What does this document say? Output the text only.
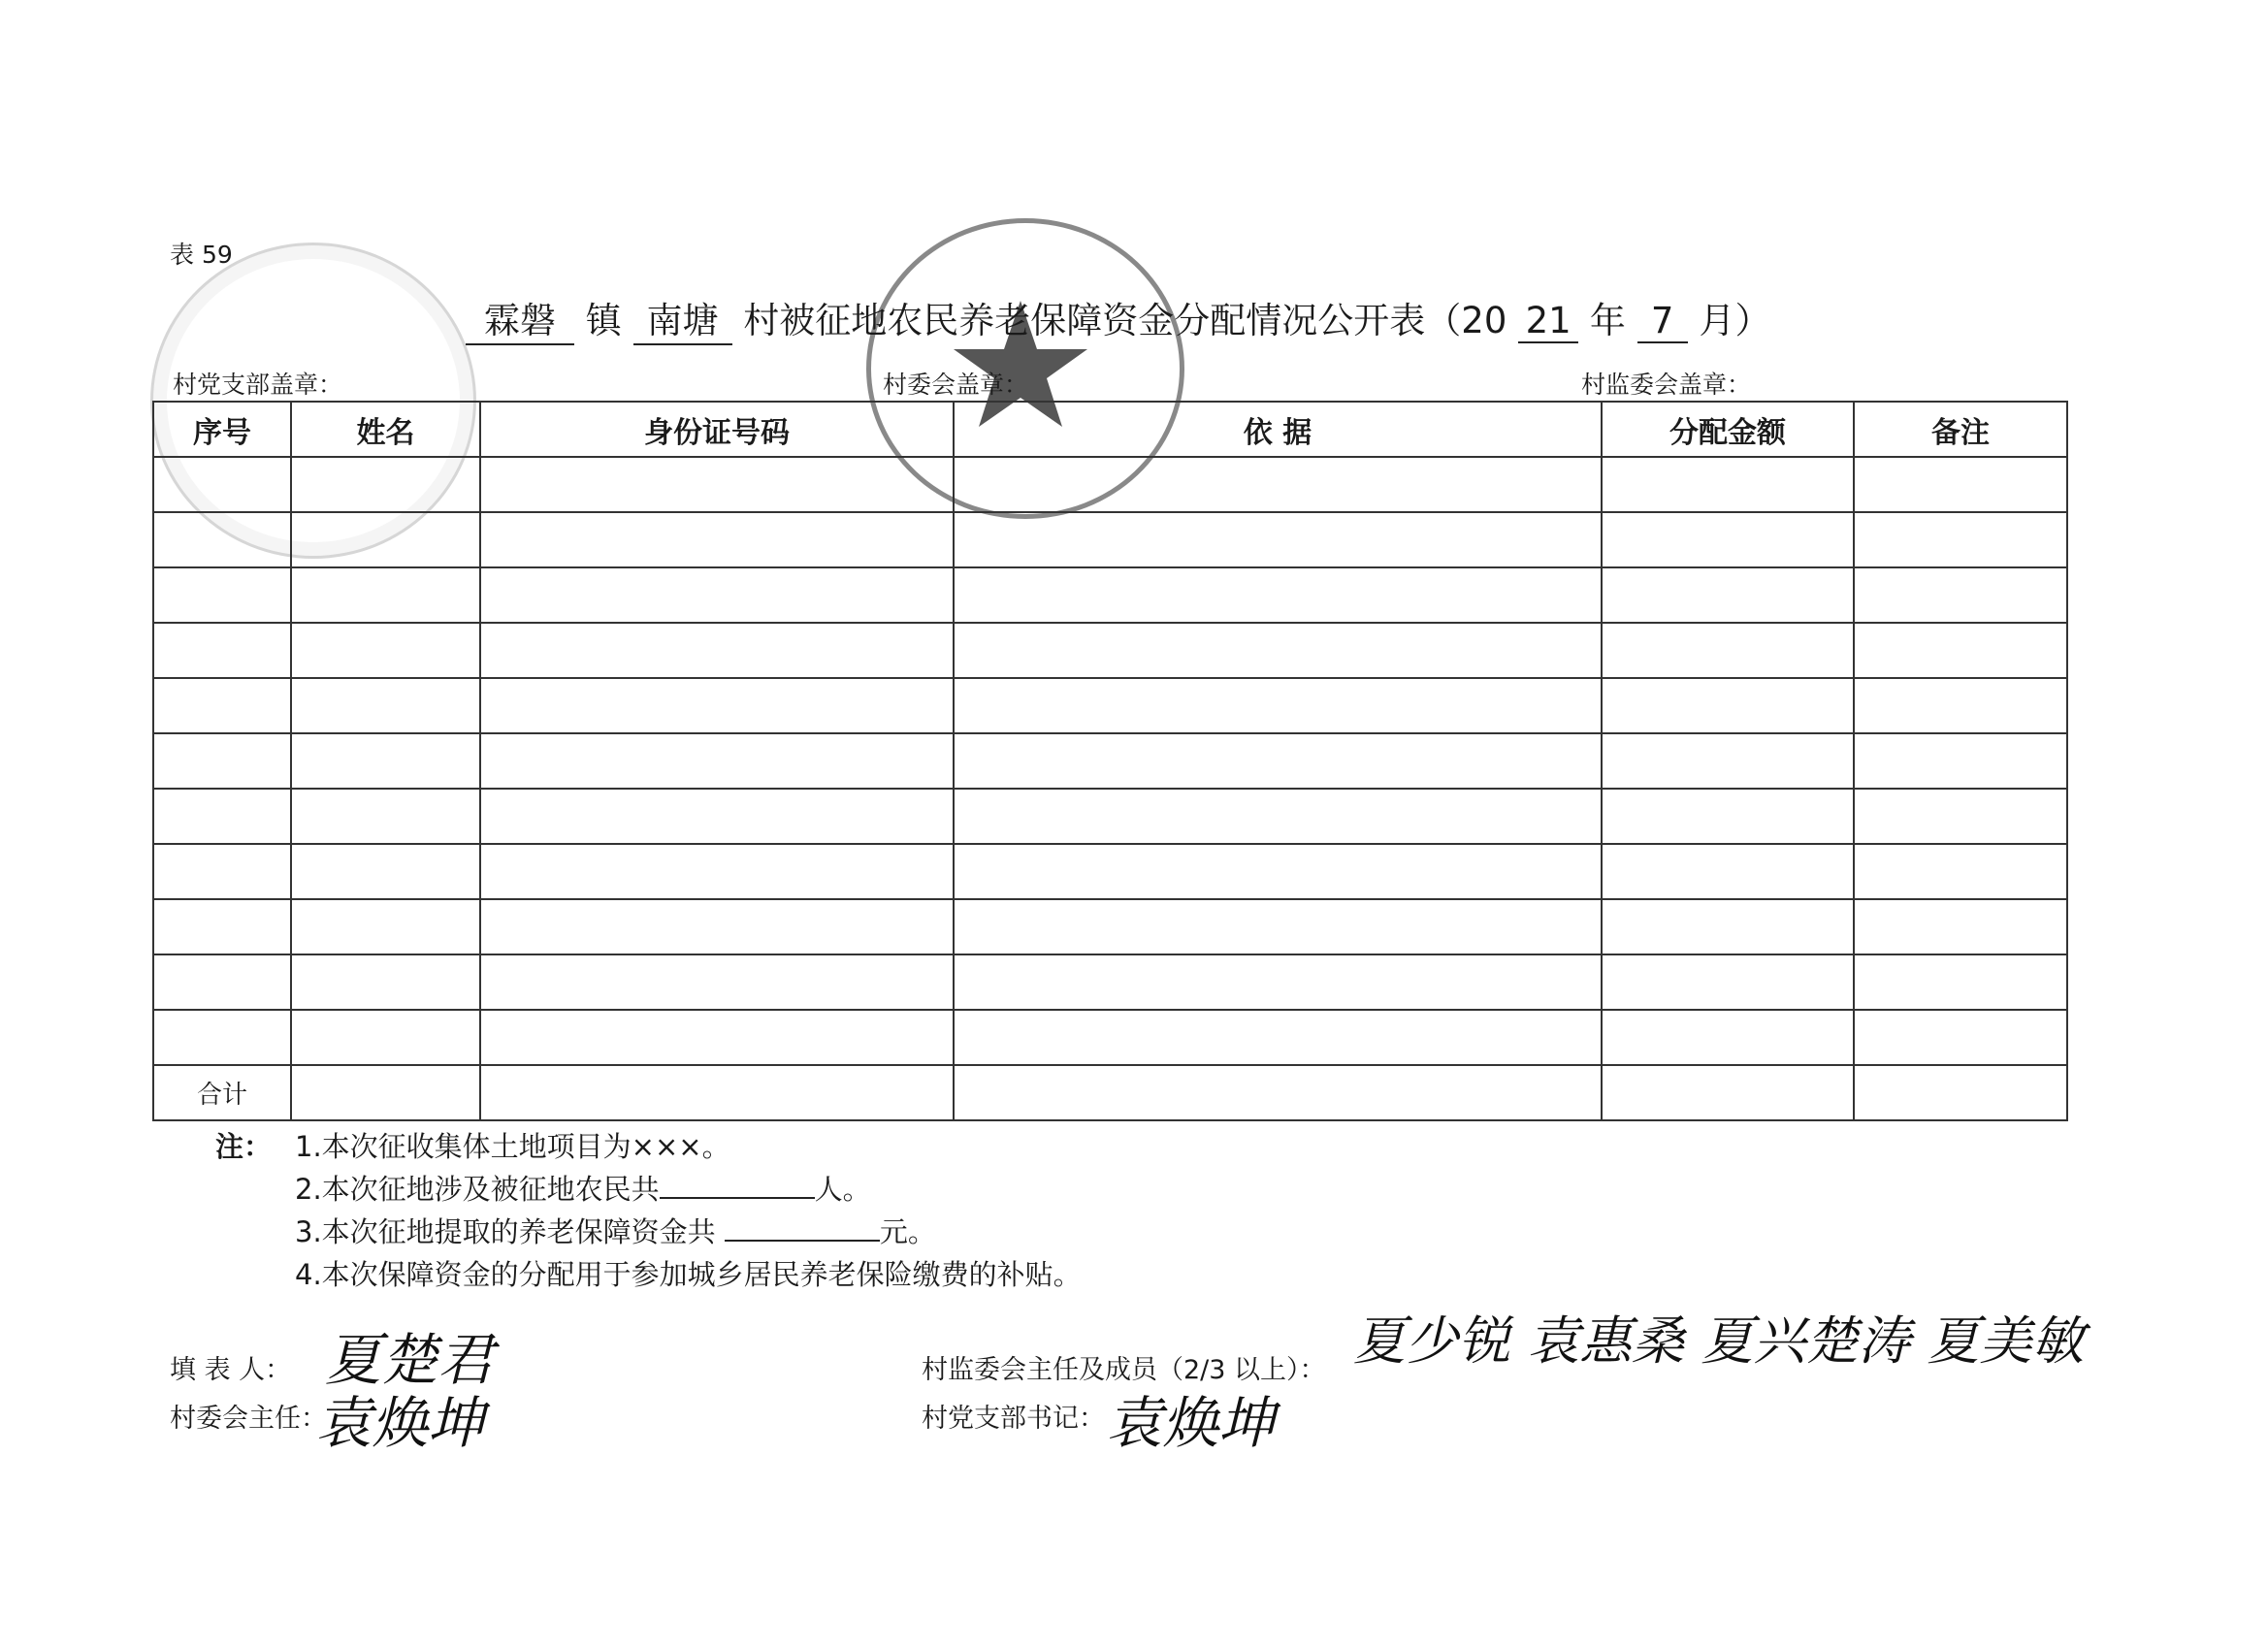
表 59
霖磐 镇 南塘 村被征地农民养老保障资金分配情况公开表（20 21 年 7 月）
村党支部盖章：	村委会盖章：	村监委会盖章：
序号	姓名	身份证号码	依 据	分配金额	备注

合计					
注： 1.本次征收集体土地项目为×××。
2.本次征地涉及被征地农民共	人。
3.本次征地提取的养老保障资金共	元。
4.本次保障资金的分配用于参加城乡居民养老保险缴费的补贴。
填 表 人： 夏楚君
村委会主任：
袁焕坤
村监委会主任及成员（2/3 以上）： 夏少锐 袁惠桑 夏兴楚涛 夏美敏
村党支部书记： 袁焕坤
